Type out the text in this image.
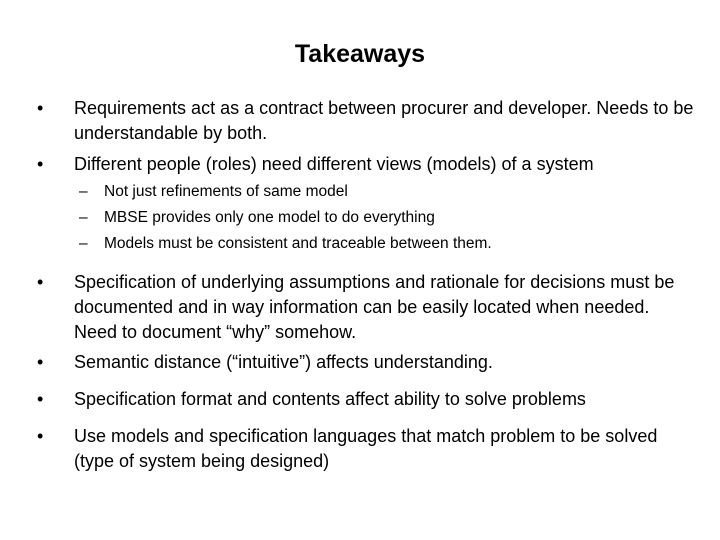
Takeaways
• Requirements act as a contract between procurer and developer. Needs to be understandable by both.
• Different people (roles) need different views (models) of a system
– Not just refinements of same model
– MBSE provides only one model to do everything
– Models must be consistent and traceable between them.
• Specification of underlying assumptions and rationale for decisions must be documented and in way information can be easily located when needed. Need to document “why” somehow.
• Semantic distance (“intuitive”) affects understanding.
• Specification format and contents affect ability to solve problems
• Use models and specification languages that match problem to be solved (type of system being designed)
